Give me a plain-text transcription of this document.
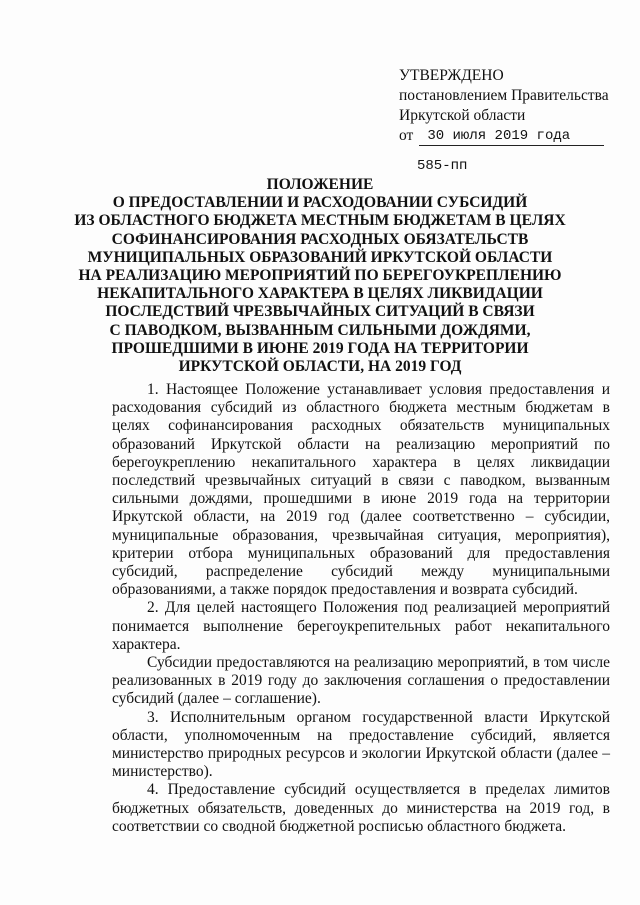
УТВЕРЖДЕНО
постановлением Правительства
Иркутской области
от	30 июля 2019 года
585-пп
ПОЛОЖЕНИЕ
О ПРЕДОСТАВЛЕНИИ И РАСХОДОВАНИИ СУБСИДИЙ
ИЗ ОБЛАСТНОГО БЮДЖЕТА МЕСТНЫМ БЮДЖЕТАМ В ЦЕЛЯХ
СОФИНАНСИРОВАНИЯ РАСХОДНЫХ ОБЯЗАТЕЛЬСТВ
МУНИЦИПАЛЬНЫХ ОБРАЗОВАНИЙ ИРКУТСКОЙ ОБЛАСТИ
НА РЕАЛИЗАЦИЮ МЕРОПРИЯТИЙ ПО БЕРЕГОУКРЕПЛЕНИЮ
НЕКАПИТАЛЬНОГО ХАРАКТЕРА В ЦЕЛЯХ ЛИКВИДАЦИИ
ПОСЛЕДСТВИЙ ЧРЕЗВЫЧАЙНЫХ СИТУАЦИЙ В СВЯЗИ
С ПАВОДКОМ, ВЫЗВАННЫМ СИЛЬНЫМИ ДОЖДЯМИ,
ПРОШЕДШИМИ В ИЮНЕ 2019 ГОДА НА ТЕРРИТОРИИ
ИРКУТСКОЙ ОБЛАСТИ, НА 2019 ГОД

1. Настоящее Положение устанавливает условия предоставления и расходования субсидий из областного бюджета местным бюджетам в целях софинансирования расходных обязательств муниципальных образований Иркутской области на реализацию мероприятий по берегоукреплению некапитального характера в целях ликвидации последствий чрезвычайных ситуаций в связи с паводком, вызванным сильными дождями, прошедшими в июне 2019 года на территории Иркутской области, на 2019 год (далее соответственно – субсидии, муниципальные образования, чрезвычайная ситуация, мероприятия), критерии отбора муниципальных образований для предоставления субсидий, распределение субсидий между муниципальными образованиями, а также порядок предоставления и возврата субсидий.

2. Для целей настоящего Положения под реализацией мероприятий понимается выполнение берегоукрепительных работ некапитального характера.

Субсидии предоставляются на реализацию мероприятий, в том числе реализованных в 2019 году до заключения соглашения о предоставлении субсидий (далее – соглашение).

3. Исполнительным органом государственной власти Иркутской области, уполномоченным на предоставление субсидий, является министерство природных ресурсов и экологии Иркутской области (далее – министерство).

4. Предоставление субсидий осуществляется в пределах лимитов бюджетных обязательств, доведенных до министерства на 2019 год, в соответствии со сводной бюджетной росписью областного бюджета.
